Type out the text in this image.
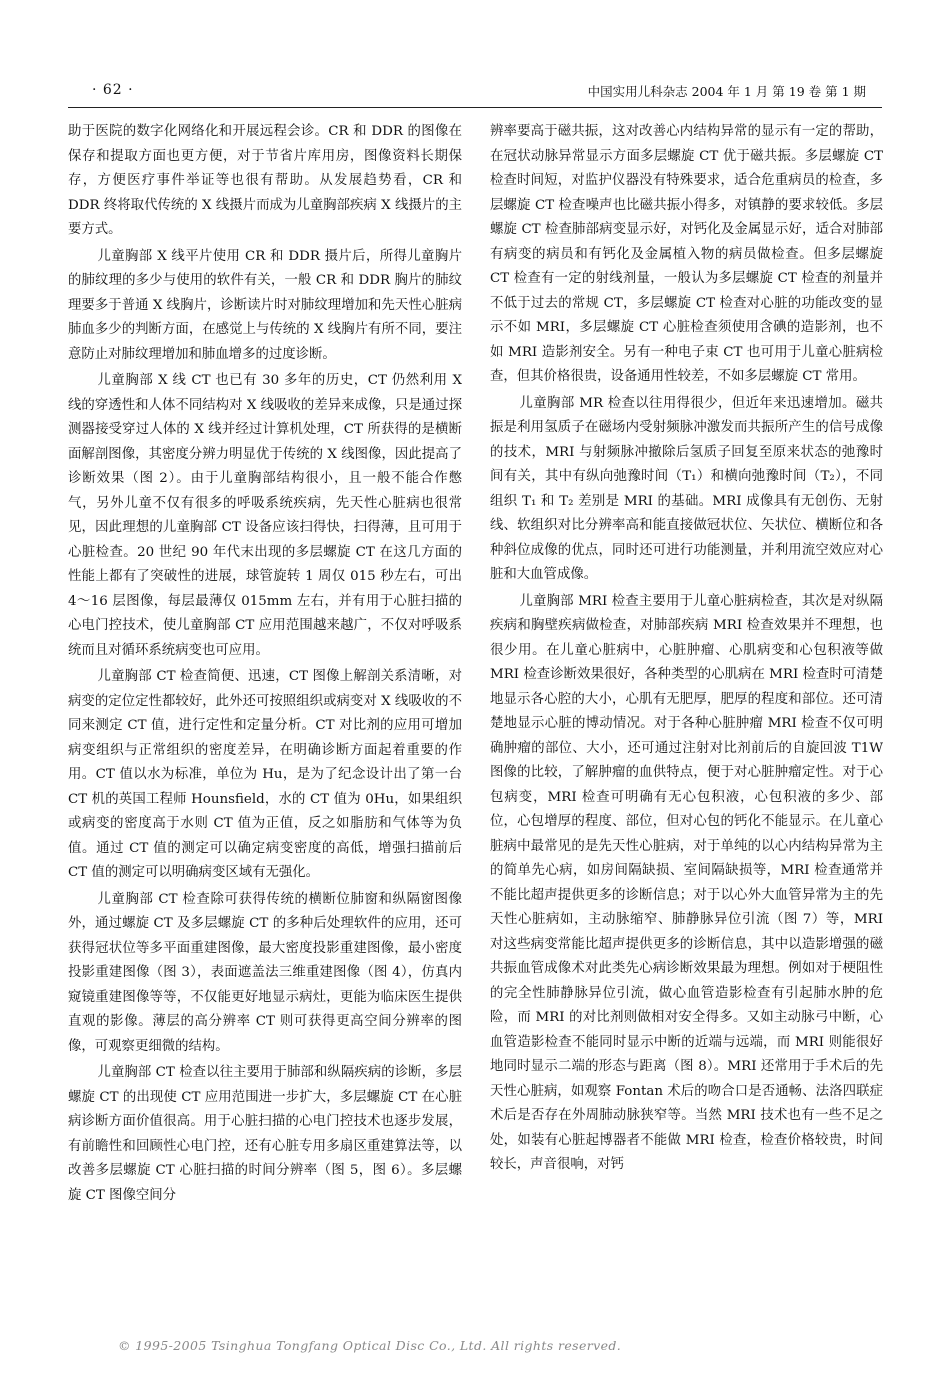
· 62 ·	中国实用儿科杂志 2004 年 1 月 第 19 卷 第 1 期

助于医院的数字化网络化和开展远程会诊。CR 和 DDR 的图像在保存和提取方面也更方便，对于节省片库用房，图像资料长期保存，方便医疗事件举证等也很有帮助。从发展趋势看，CR 和 DDR 终将取代传统的 X 线摄片而成为儿童胸部疾病 X 线摄片的主要方式。

儿童胸部 X 线平片使用 CR 和 DDR 摄片后，所得儿童胸片的肺纹理的多少与使用的软件有关，一般 CR 和 DDR 胸片的肺纹理要多于普通 X 线胸片，诊断读片时对肺纹理增加和先天性心脏病肺血多少的判断方面，在感觉上与传统的 X 线胸片有所不同，要注意防止对肺纹理增加和肺血增多的过度诊断。

儿童胸部 X 线 CT 也已有 30 多年的历史，CT 仍然利用 X 线的穿透性和人体不同结构对 X 线吸收的差异来成像，只是通过探测器接受穿过人体的 X 线并经过计算机处理，CT 所获得的是横断面解剖图像，其密度分辨力明显优于传统的 X 线图像，因此提高了诊断效果（图 2）。由于儿童胸部结构很小，且一般不能合作憋气，另外儿童不仅有很多的呼吸系统疾病，先天性心脏病也很常见，因此理想的儿童胸部 CT 设备应该扫得快，扫得薄，且可用于心脏检查。20 世纪 90 年代末出现的多层螺旋 CT 在这几方面的性能上都有了突破性的进展，球管旋转 1 周仅 015 秒左右，可出 4～16 层图像，每层最薄仅 015mm 左右，并有用于心脏扫描的心电门控技术，使儿童胸部 CT 应用范围越来越广，不仅对呼吸系统而且对循环系统病变也可应用。

儿童胸部 CT 检查简便、迅速，CT 图像上解剖关系清晰，对病变的定位定性都较好，此外还可按照组织或病变对 X 线吸收的不同来测定 CT 值，进行定性和定量分析。CT 对比剂的应用可增加病变组织与正常组织的密度差异，在明确诊断方面起着重要的作用。CT 值以水为标准，单位为 Hu，是为了纪念设计出了第一台 CT 机的英国工程师 Hounsfield，水的 CT 值为 0Hu，如果组织或病变的密度高于水则 CT 值为正值，反之如脂肪和气体等为负值。通过 CT 值的测定可以确定病变密度的高低，增强扫描前后 CT 值的测定可以明确病变区域有无强化。

儿童胸部 CT 检查除可获得传统的横断位肺窗和纵隔窗图像外，通过螺旋 CT 及多层螺旋 CT 的多种后处理软件的应用，还可获得冠状位等多平面重建图像，最大密度投影重建图像，最小密度投影重建图像（图 3），表面遮盖法三维重建图像（图 4），仿真内窥镜重建图像等等，不仅能更好地显示病灶，更能为临床医生提供直观的影像。薄层的高分辨率 CT 则可获得更高空间分辨率的图像，可观察更细微的结构。

儿童胸部 CT 检查以往主要用于肺部和纵隔疾病的诊断，多层螺旋 CT 的出现使 CT 应用范围进一步扩大，多层螺旋 CT 在心脏病诊断方面价值很高。用于心脏扫描的心电门控技术也逐步发展，有前瞻性和回顾性心电门控，还有心脏专用多扇区重建算法等，以改善多层螺旋 CT 心脏扫描的时间分辨率（图 5，图 6）。多层螺旋 CT 图像空间分

辨率要高于磁共振，这对改善心内结构异常的显示有一定的帮助，在冠状动脉异常显示方面多层螺旋 CT 优于磁共振。多层螺旋 CT 检查时间短，对监护仪器没有特殊要求，适合危重病员的检查，多层螺旋 CT 检查噪声也比磁共振小得多，对镇静的要求较低。多层螺旋 CT 检查肺部病变显示好，对钙化及金属显示好，适合对肺部有病变的病员和有钙化及金属植入物的病员做检查。但多层螺旋 CT 检查有一定的射线剂量，一般认为多层螺旋 CT 检查的剂量并不低于过去的常规 CT，多层螺旋 CT 检查对心脏的功能改变的显示不如 MRI，多层螺旋 CT 心脏检查须使用含碘的造影剂，也不如 MRI 造影剂安全。另有一种电子束 CT 也可用于儿童心脏病检查，但其价格很贵，设备通用性较差，不如多层螺旋 CT 常用。

儿童胸部 MR 检查以往用得很少，但近年来迅速增加。磁共振是利用氢质子在磁场内受射频脉冲激发而共振所产生的信号成像的技术，MRI 与射频脉冲撤除后氢质子回复至原来状态的弛豫时间有关，其中有纵向弛豫时间（T₁）和横向弛豫时间（T₂），不同组织 T₁ 和 T₂ 差别是 MRI 的基础。MRI 成像具有无创伤、无射线、软组织对比分辨率高和能直接做冠状位、矢状位、横断位和各种斜位成像的优点，同时还可进行功能测量，并利用流空效应对心脏和大血管成像。

儿童胸部 MRI 检查主要用于儿童心脏病检查，其次是对纵隔疾病和胸壁疾病做检查，对肺部疾病 MRI 检查效果并不理想，也很少用。在儿童心脏病中，心脏肿瘤、心肌病变和心包积液等做 MRI 检查诊断效果很好，各种类型的心肌病在 MRI 检查时可清楚地显示各心腔的大小，心肌有无肥厚，肥厚的程度和部位。还可清楚地显示心脏的博动情况。对于各种心脏肿瘤 MRI 检查不仅可明确肿瘤的部位、大小，还可通过注射对比剂前后的自旋回波 T1W 图像的比较，了解肿瘤的血供特点，便于对心脏肿瘤定性。对于心包病变，MRI 检查可明确有无心包积液，心包积液的多少、部位，心包增厚的程度、部位，但对心包的钙化不能显示。在儿童心脏病中最常见的是先天性心脏病，对于单纯的以心内结构异常为主的简单先心病，如房间隔缺损、室间隔缺损等，MRI 检查通常并不能比超声提供更多的诊断信息；对于以心外大血管异常为主的先天性心脏病如，主动脉缩窄、肺静脉异位引流（图 7）等，MRI 对这些病变常能比超声提供更多的诊断信息，其中以造影增强的磁共振血管成像术对此类先心病诊断效果最为理想。例如对于梗阻性的完全性肺静脉异位引流，做心血管造影检查有引起肺水肿的危险，而 MRI 的对比剂则做相对安全得多。又如主动脉弓中断，心血管造影检查不能同时显示中断的近端与远端，而 MRI 则能很好地同时显示二端的形态与距离（图 8）。MRI 还常用于手术后的先天性心脏病，如观察 Fontan 术后的吻合口是否通畅、法洛四联症术后是否存在外周肺动脉狭窄等。当然 MRI 技术也有一些不足之处，如装有心脏起博器者不能做 MRI 检查，检查价格较贵，时间较长，声音很响，对钙

© 1995-2005 Tsinghua Tongfang Optical Disc Co., Ltd. All rights reserved.
